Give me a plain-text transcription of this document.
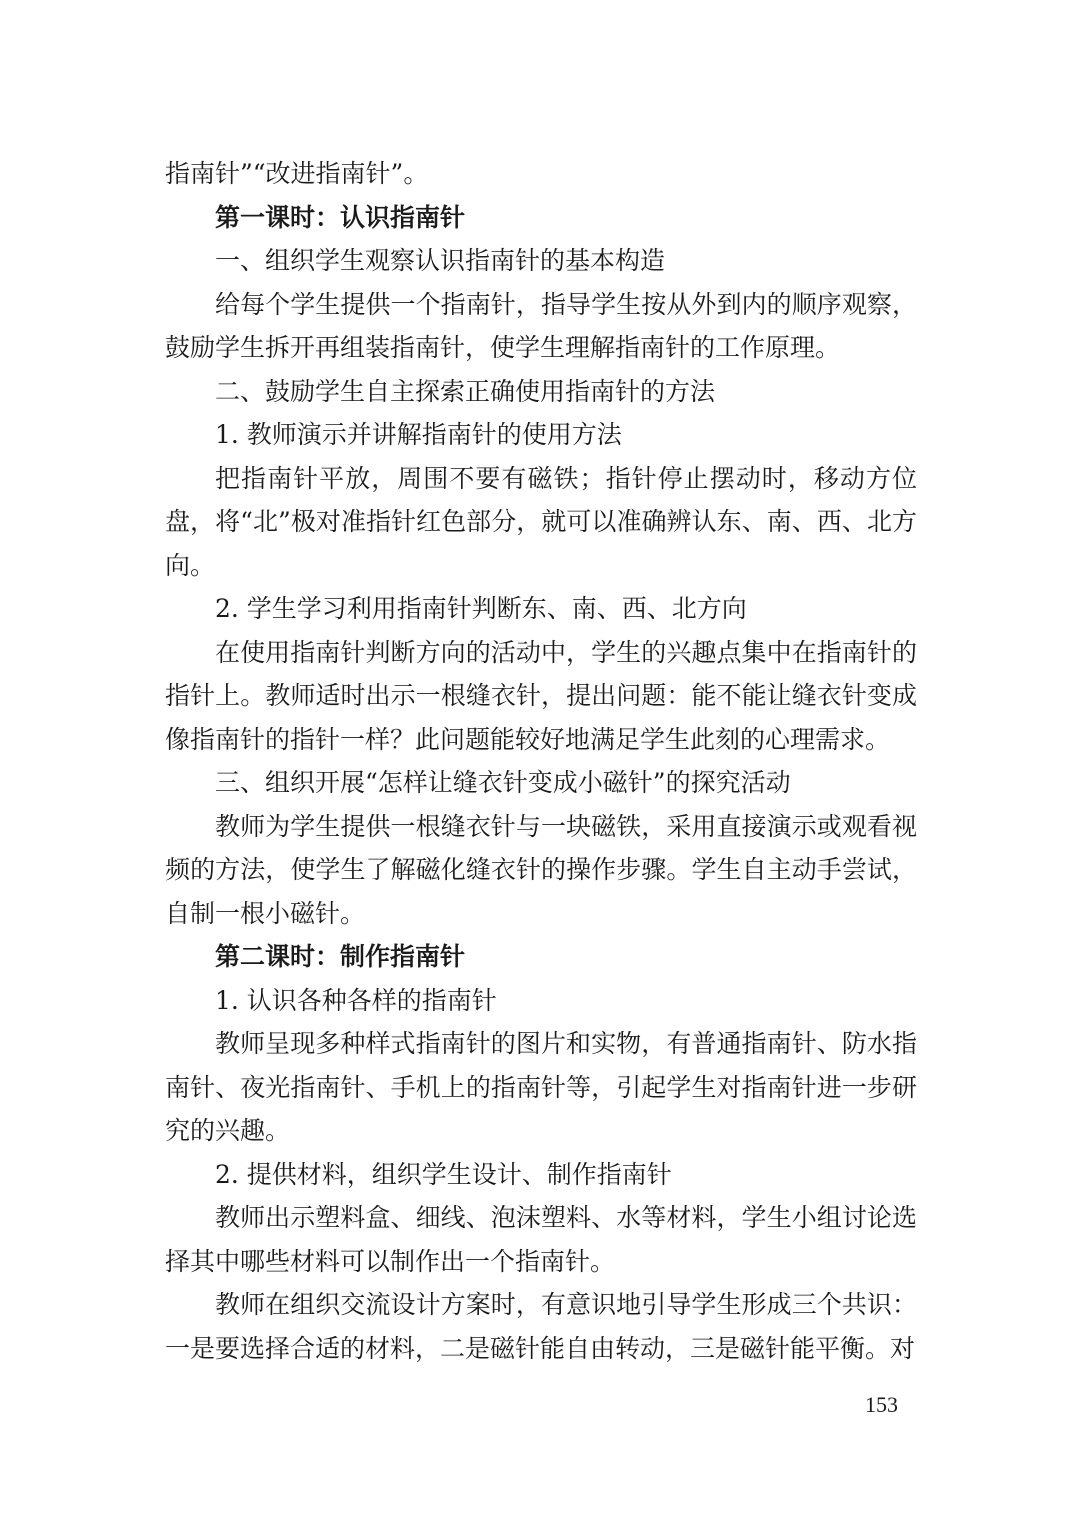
指南针”“改进指南针”。

第一课时：认识指南针

一、组织学生观察认识指南针的基本构造

给每个学生提供一个指南针，指导学生按从外到内的顺序观察，鼓励学生拆开再组装指南针，使学生理解指南针的工作原理。

二、鼓励学生自主探索正确使用指南针的方法

1. 教师演示并讲解指南针的使用方法

把指南针平放，周围不要有磁铁；指针停止摆动时，移动方位盘，将“北”极对准指针红色部分，就可以准确辨认东、南、西、北方向。

2. 学生学习利用指南针判断东、南、西、北方向

在使用指南针判断方向的活动中，学生的兴趣点集中在指南针的指针上。教师适时出示一根缝衣针，提出问题：能不能让缝衣针变成像指南针的指针一样？此问题能较好地满足学生此刻的心理需求。

三、组织开展“怎样让缝衣针变成小磁针”的探究活动

教师为学生提供一根缝衣针与一块磁铁，采用直接演示或观看视频的方法，使学生了解磁化缝衣针的操作步骤。学生自主动手尝试，自制一根小磁针。

第二课时：制作指南针

1. 认识各种各样的指南针

教师呈现多种样式指南针的图片和实物，有普通指南针、防水指南针、夜光指南针、手机上的指南针等，引起学生对指南针进一步研究的兴趣。

2. 提供材料，组织学生设计、制作指南针

教师出示塑料盒、细线、泡沫塑料、水等材料，学生小组讨论选择其中哪些材料可以制作出一个指南针。

教师在组织交流设计方案时，有意识地引导学生形成三个共识：一是要选择合适的材料，二是磁针能自由转动，三是磁针能平衡。对

153
